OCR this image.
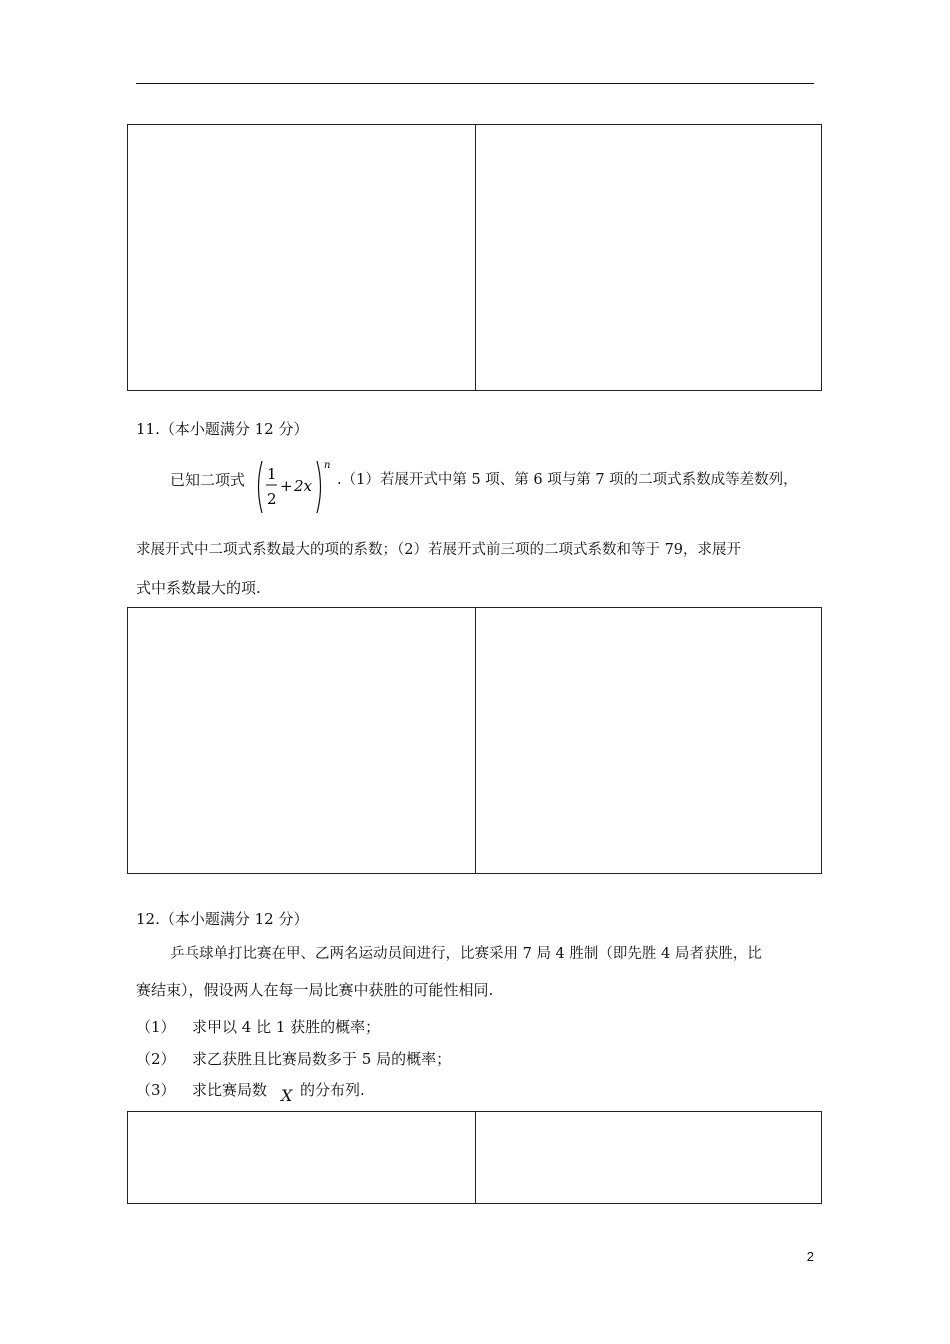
11.（本小题满分 12 分）
已知二项式 1
2
+ 2x
n
.（1）若展开式中第 5 项、第 6 项与第 7 项的二项式系数成等差数列，
求展开式中二项式系数最大的项的系数；（2）若展开式前三项的二项式系数和等于 79，求展开
式中系数最大的项.
12.（本小题满分 12 分）
乒乓球单打比赛在甲、乙两名运动员间进行，比赛采用 7 局 4 胜制（即先胜 4 局者获胜，比
赛结束），假设两人在每一局比赛中获胜的可能性相同.
（1） 求甲以 4 比 1 获胜的概率；
（2） 求乙获胜且比赛局数多于 5 局的概率；
（3） 求比赛局数 X 的分布列.
2
